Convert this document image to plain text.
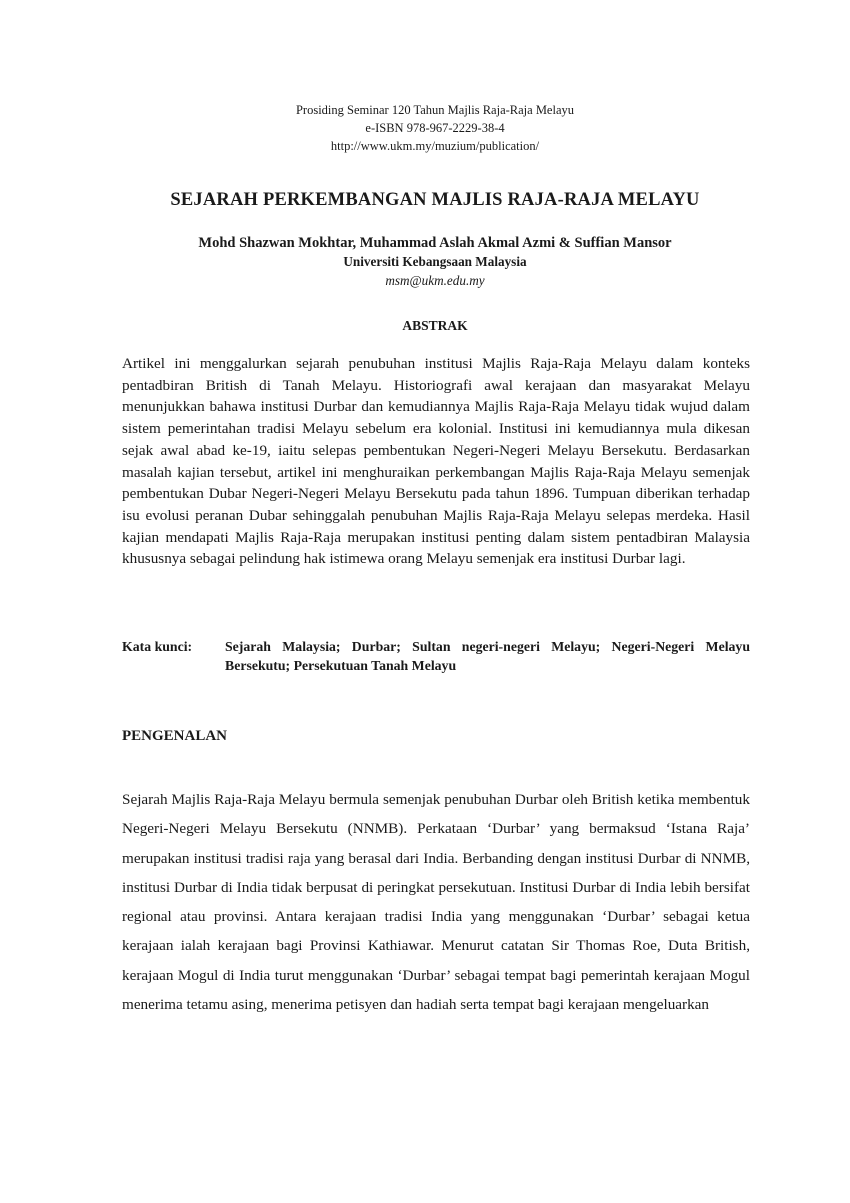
Prosiding Seminar 120 Tahun Majlis Raja-Raja Melayu
e-ISBN 978-967-2229-38-4
http://www.ukm.my/muzium/publication/
SEJARAH PERKEMBANGAN MAJLIS RAJA-RAJA MELAYU
Mohd Shazwan Mokhtar, Muhammad Aslah Akmal Azmi & Suffian Mansor
Universiti Kebangsaan Malaysia
msm@ukm.edu.my
ABSTRAK

Artikel ini menggalurkan sejarah penubuhan institusi Majlis Raja-Raja Melayu dalam konteks pentadbiran British di Tanah Melayu. Historiografi awal kerajaan dan masyarakat Melayu menunjukkan bahawa institusi Durbar dan kemudiannya Majlis Raja-Raja Melayu tidak wujud dalam sistem pemerintahan tradisi Melayu sebelum era kolonial. Institusi ini kemudiannya mula dikesan sejak awal abad ke-19, iaitu selepas pembentukan Negeri-Negeri Melayu Bersekutu. Berdasarkan masalah kajian tersebut, artikel ini menghuraikan perkembangan Majlis Raja-Raja Melayu semenjak pembentukan Dubar Negeri-Negeri Melayu Bersekutu pada tahun 1896. Tumpuan diberikan terhadap isu evolusi peranan Dubar sehinggalah penubuhan Majlis Raja-Raja Melayu selepas merdeka. Hasil kajian mendapati Majlis Raja-Raja merupakan institusi penting dalam sistem pentadbiran Malaysia khususnya sebagai pelindung hak istimewa orang Melayu semenjak era institusi Durbar lagi.

Kata kunci:	Sejarah Malaysia; Durbar; Sultan negeri-negeri Melayu; Negeri-Negeri Melayu Bersekutu; Persekutuan Tanah Melayu
PENGENALAN

Sejarah Majlis Raja-Raja Melayu bermula semenjak penubuhan Durbar oleh British ketika membentuk Negeri-Negeri Melayu Bersekutu (NNMB). Perkataan ‘Durbar’ yang bermaksud ‘Istana Raja’ merupakan institusi tradisi raja yang berasal dari India. Berbanding dengan institusi Durbar di NNMB, institusi Durbar di India tidak berpusat di peringkat persekutuan. Institusi Durbar di India lebih bersifat regional atau provinsi. Antara kerajaan tradisi India yang menggunakan ‘Durbar’ sebagai ketua kerajaan ialah kerajaan bagi Provinsi Kathiawar. Menurut catatan Sir Thomas Roe, Duta British, kerajaan Mogul di India turut menggunakan ‘Durbar’ sebagai tempat bagi pemerintah kerajaan Mogul menerima tetamu asing, menerima petisyen dan hadiah serta tempat bagi kerajaan mengeluarkan
